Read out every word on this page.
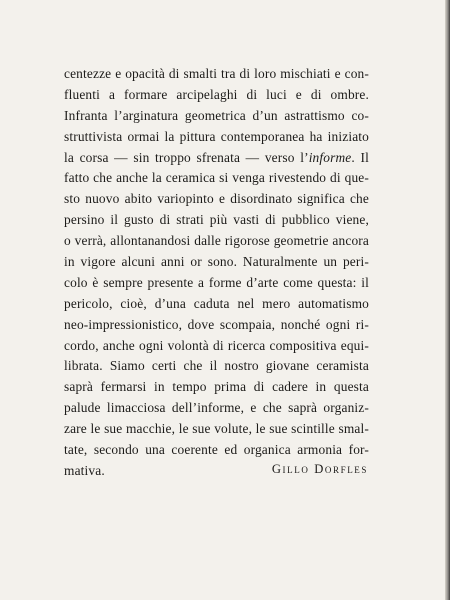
centezze e opacità di smalti tra di loro mischiati e con-
fluenti a formare arcipelaghi di luci e di ombre.
Infranta l’arginatura geometrica d’un astrattismo co-
struttivista ormai la pittura contemporanea ha iniziato
la corsa — sin troppo sfrenata — verso l’informe. Il
fatto che anche la ceramica si venga rivestendo di que-
sto nuovo abito variopinto e disordinato significa che
persino il gusto di strati più vasti di pubblico viene,
o verrà, allontanandosi dalle rigorose geometrie ancora
in vigore alcuni anni or sono. Naturalmente un peri-
colo è sempre presente a forme d’arte come questa: il
pericolo, cioè, d’una caduta nel mero automatismo
neo-impressionistico, dove scompaia, nonché ogni ri-
cordo, anche ogni volontà di ricerca compositiva equi-
librata. Siamo certi che il nostro giovane ceramista
saprà fermarsi in tempo prima di cadere in questa
palude limacciosa dell’informe, e che saprà organiz-
zare le sue macchie, le sue volute, le sue scintille smal-
tate, secondo una coerente ed organica armonia for-
mativa.	Gillo Dorfles
